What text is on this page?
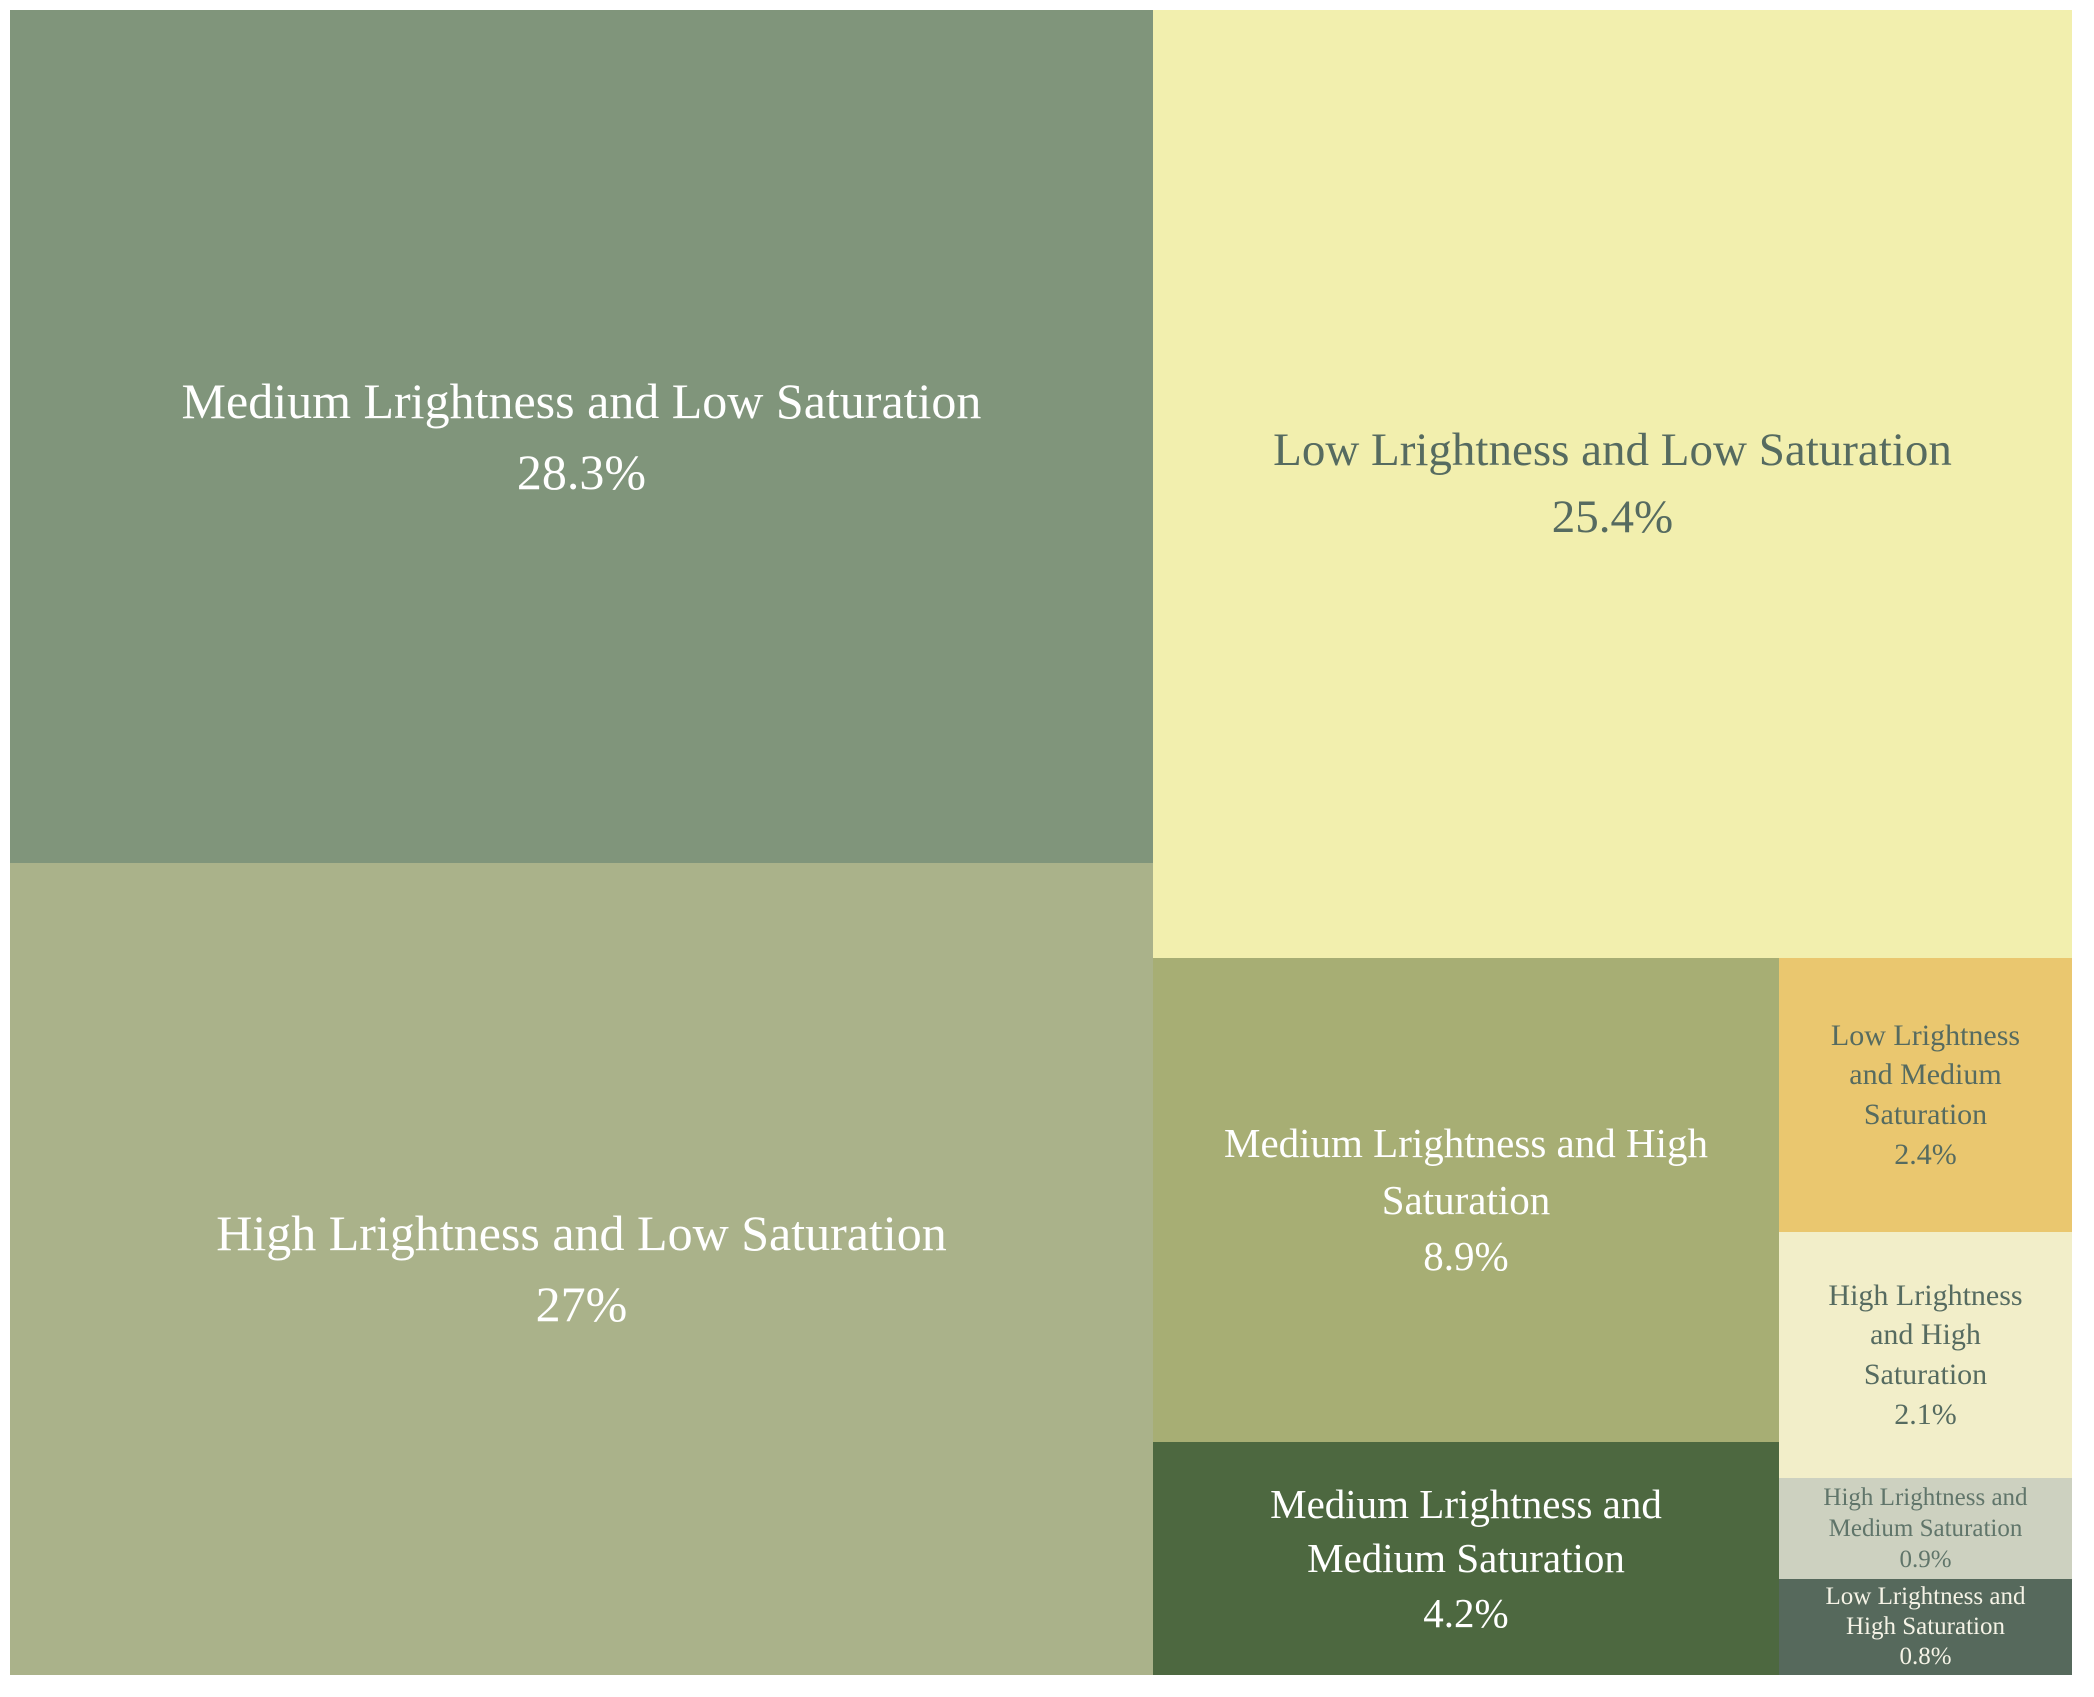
Medium Lrightness and Low Saturation
28.3%	Low Lrightness and Low Saturation
25.4%
High Lrightness and Low Saturation
27%
Medium Lrightness and High Saturation
8.9%
Medium Lrightness and Medium Saturation
4.2%
Low Lrightness and Medium Saturation
2.4%
High Lrightness and High Saturation
2.1%
High Lrightness and Medium Saturation
0.9%
Low Lrightness and High Saturation
0.8%
